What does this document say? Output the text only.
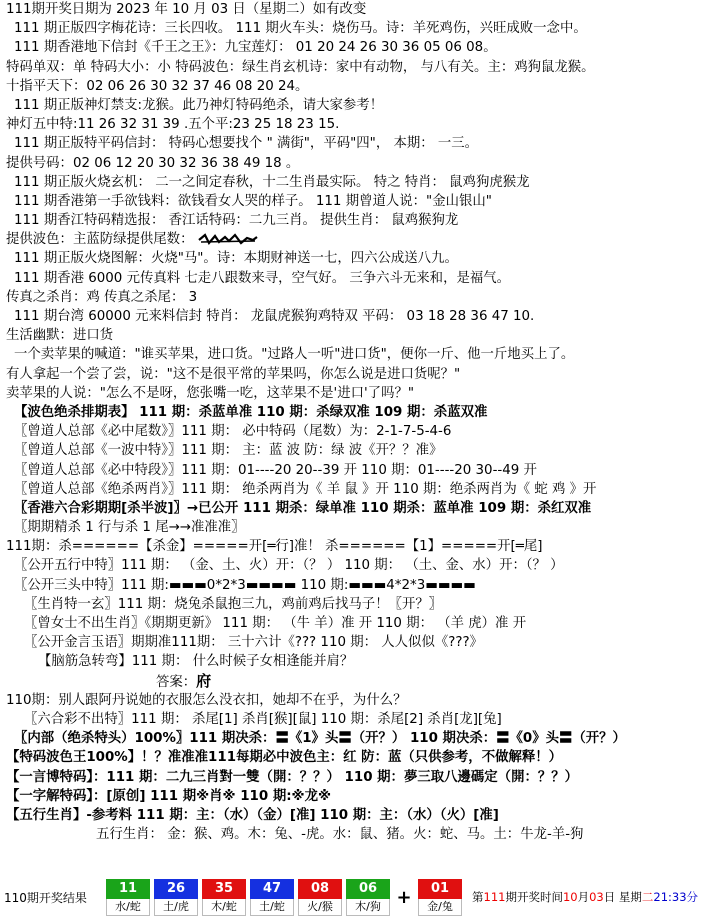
111期开奖日期为 2023 年 10 月 03 日（星期二）如有改变
111 期正版四字梅花诗：三长四收。 111 期火车头：烧伤马。诗：羊死鸡伤，兴旺成败一念中。
111 期香港地下信封《千王之王》：九宝莲灯： 01 20 24 26 30 36 05 06 08。
特码单双：单 特码大小：小 特码波色：绿生肖玄机诗：家中有动物， 与八有关。主：鸡狗鼠龙猴。
十指平天下：02 06 26 30 32 37 46 08 20 24。
111 期正版神灯禁支:龙猴。此乃神灯特码绝杀，请大家参考！
神灯五中特:11 26 32 31 39 .五个平:23 25 18 23 15.
111 期正版特平码信封： 特码心想要找个 " 满街"，平码"四"， 本期： 一三。
提供号码：02 06 12 20 30 32 36 38 49 18 。
111 期正版火烧玄机： 二一之间定春秋，十二生肖最实际。 特之 特肖： 鼠鸡狗虎猴龙
111 期香港第一手欲钱料：欲钱看女人哭的样子。 111 期曾道人说："金山银山"
111 期香江特码精选报： 香江话特码：二九三肖。 提供生肖： 鼠鸡猴狗龙
提供波色：主蓝防绿提供尾数：
111 期正版火烧图解：火烧"马"。诗：本期财神送一七，四六公成送八九。
111 期香港 6000 元传真料 七走八跟数来寻，空气好。 三争六斗无来和，是福气。
传真之杀肖：鸡 传真之杀尾： 3
111 期台湾 60000 元来料信封 特肖： 龙鼠虎猴狗鸡特双 平码： 03 18 28 36 47 10.
生活幽默：进口货
一个卖苹果的喊道："谁买苹果，进口货。"过路人一听"进口货"，便你一斤、他一斤地买上了。
有人拿起一个尝了尝，说："这不是很平常的苹果吗，你怎么说是进口货呢？"
卖苹果的人说："怎么不是呀，您张嘴一吃，这苹果不是'进口'了吗？"
【波色绝杀排期表】 111 期：杀蓝单准 110 期：杀绿双准 109 期：杀蓝双准
〖曾道人总部《必中尾数》〗111 期： 必中特码（尾数）为：2-1-7-5-4-6
〖曾道人总部《一波中特》〗111 期： 主：蓝 波 防：绿 波《开？？准》
〖曾道人总部《必中特段》〗111 期：01----20 20--39 开 110 期：01----20 30--49 开
〖曾道人总部《绝杀两肖》〗111 期： 绝杀两肖为《 羊 鼠 》开 110 期：绝杀两肖为《 蛇 鸡 》开
〖香港六合彩期期[杀半波]〗→已公开 111 期杀：绿单准 110 期杀：蓝单准 109 期：杀红双准
〖期期精杀 1 行与杀 1 尾→→准准准〗
111期：杀======【杀金】=====开[═行]准！ 杀======【1】=====开[═尾]
〖公开五行中特〗111 期： （金、土、火）开：（？ ） 110 期： （土、金、水）开：（？ ）
〖公开三头中特〗111 期:▬▬▬0*2*3▬▬▬▬ 110 期:▬▬▬4*2*3▬▬▬▬
〖生肖特一玄〗111 期：烧兔杀鼠抱三九，鸡前鸡后找马子！〖开？〗
〖曾女士不出生肖〗《期期更新》 111 期： （牛 羊）准 开 110 期： （羊 虎）准 开
〖公开金言玉语〗期期准111期： 三十六计《??? 110 期： 人人似似《???》
【脑筋急转弯】111 期： 什么时候子女相逢能并肩？
答案：府
110期：别人跟阿丹说她的衣服怎么没衣扣，她却不在乎，为什么？
〖六合彩不出特〗111 期： 杀尾[1] 杀肖[猴][鼠] 110 期：杀尾[2] 杀肖[龙][兔]
〖内部（绝杀特头）100%〗111 期决杀：〓《1》头〓（开？） 110 期决杀：〓《0》头〓（开？）
【特码波色王100%】！？准准准111每期必中波色主：红 防：蓝（只供参考，不做解释！）
【一言博特码】：111 期：二九三肖對一雙（開：？？） 110 期：夢三取八邊碼定（開：？？）
【一字解特码】：[原创] 111 期※肖※ 110 期:※龙※
【五行生肖】-参考料 111 期：主：（水）（金）[准] 110 期：主：（水）（火）[准]
五行生肖： 金：猴、鸡。木：兔、-虎。水：鼠、猪。火：蛇、马。土：牛龙-羊-狗
110期开奖结果
11
水/蛇
26
土/虎
35
木/蛇
47
土/蛇
08
火/猴
06
木/狗 +	01
金/兔
第111期开奖时间10月03日 星期二21:33分
